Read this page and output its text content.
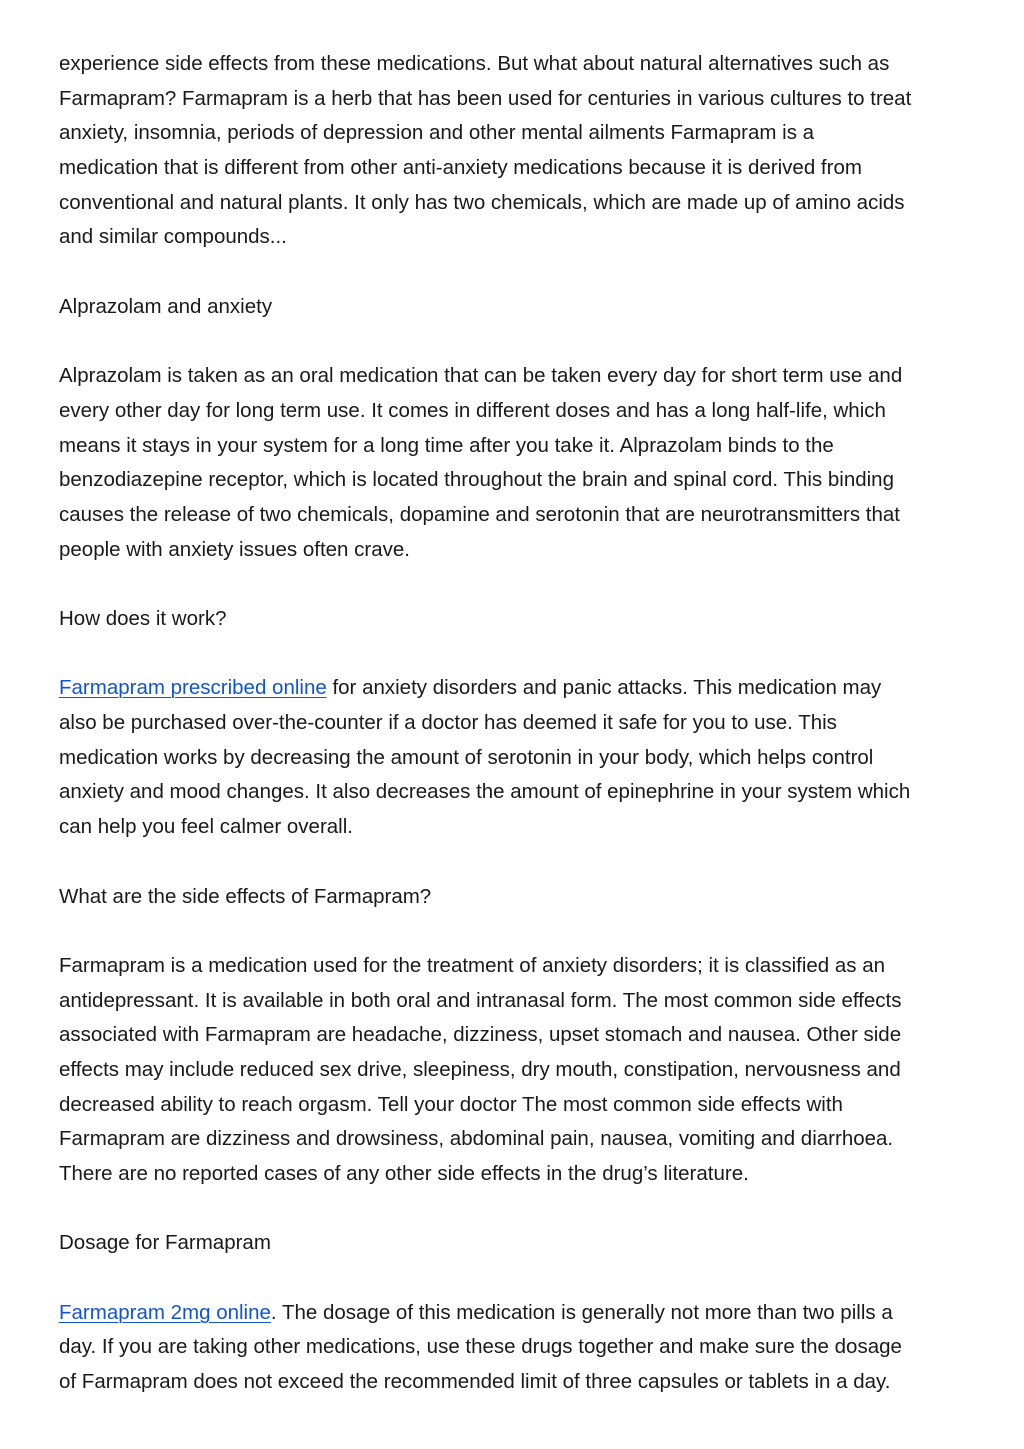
experience side effects from these medications. But what about natural alternatives such as
Farmapram? Farmapram is a herb that has been used for centuries in various cultures to treat
anxiety, insomnia, periods of depression and other mental ailments Farmapram is a
medication that is different from other anti-anxiety medications because it is derived from
conventional and natural plants. It only has two chemicals, which are made up of amino acids
and similar compounds...
Alprazolam and anxiety
Alprazolam is taken as an oral medication that can be taken every day for short term use and
every other day for long term use. It comes in different doses and has a long half-life, which
means it stays in your system for a long time after you take it. Alprazolam binds to the
benzodiazepine receptor, which is located throughout the brain and spinal cord. This binding
causes the release of two chemicals, dopamine and serotonin that are neurotransmitters that
people with anxiety issues often crave.
How does it work?
Farmapram prescribed online for anxiety disorders and panic attacks. This medication may
also be purchased over-the-counter if a doctor has deemed it safe for you to use. This
medication works by decreasing the amount of serotonin in your body, which helps control
anxiety and mood changes. It also decreases the amount of epinephrine in your system which
can help you feel calmer overall.
What are the side effects of Farmapram?
Farmapram is a medication used for the treatment of anxiety disorders; it is classified as an
antidepressant. It is available in both oral and intranasal form. The most common side effects
associated with Farmapram are headache, dizziness, upset stomach and nausea. Other side
effects may include reduced sex drive, sleepiness, dry mouth, constipation, nervousness and
decreased ability to reach orgasm. Tell your doctor The most common side effects with
Farmapram are dizziness and drowsiness, abdominal pain, nausea, vomiting and diarrhoea.
There are no reported cases of any other side effects in the drug’s literature.
Dosage for Farmapram
Farmapram 2mg online. The dosage of this medication is generally not more than two pills a
day. If you are taking other medications, use these drugs together and make sure the dosage
of Farmapram does not exceed the recommended limit of three capsules or tablets in a day.
